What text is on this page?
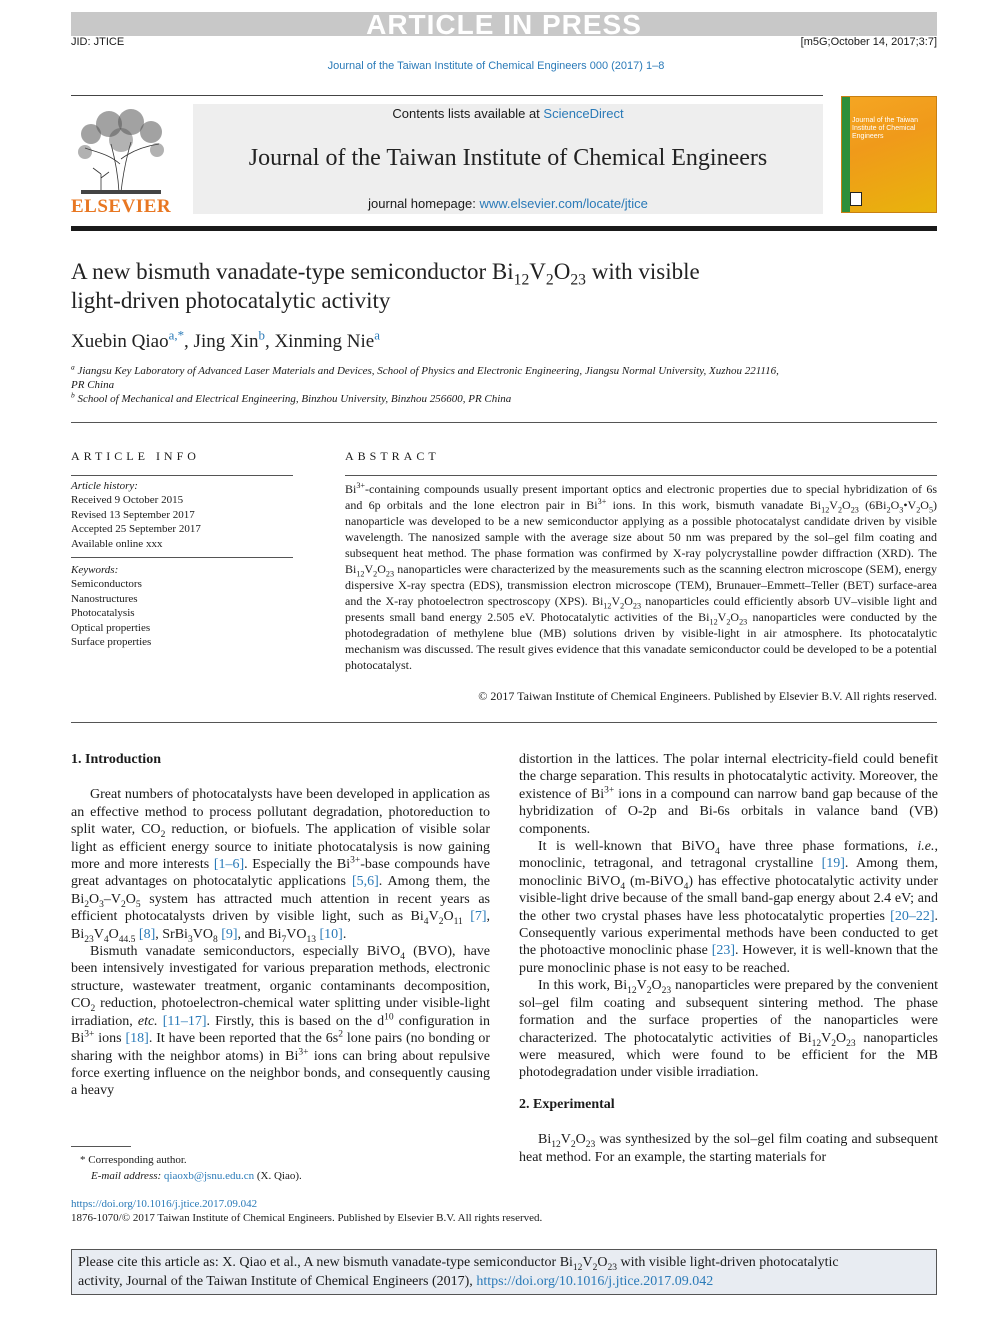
ARTICLE IN PRESS
JID: JTICE	[m5G;October 14, 2017;3:7]
Journal of the Taiwan Institute of Chemical Engineers 000 (2017) 1–8
ELSEVIER
Contents lists available at ScienceDirect
Journal of the Taiwan Institute of Chemical Engineers
journal homepage: www.elsevier.com/locate/jtice
Journal of the Taiwan Institute of Chemical Engineers
A new bismuth vanadate-type semiconductor $Bi_{12}V_2O_{23}$ with visible
light-driven photocatalytic activity
Xuebin Qiao$^{a,*}$, Jing Xin$^b$, Xinming Nie$^a$
$^a$ Jiangsu Key Laboratory of Advanced Laser Materials and Devices, School of Physics and Electronic Engineering, Jiangsu Normal University, Xuzhou 221116,
PR China
$^b$ School of Mechanical and Electrical Engineering, Binzhou University, Binzhou 256600, PR China
ARTICLE INFO
Article history:
Received 9 October 2015
Revised 13 September 2017
Accepted 25 September 2017
Available online xxx
Keywords:
Semiconductors
Nanostructures
Photocatalysis
Optical properties
Surface properties
ABSTRACT
$Bi^{3+}$-containing compounds usually present important optics and electronic properties due to special hybridization of 6s and 6p orbitals and the lone electron pair in $Bi^{3+}$ ions. In this work, bismuth vanadate $Bi_{12}V_2O_{23}$ $(6Bi_2O_3•V_2O_5)$ nanoparticle was developed to be a new semiconductor applying as a possible photocatalyst candidate driven by visible wavelength. The nanosized sample with the average size about 50 nm was prepared by the sol–gel film coating and subsequent heat method. The phase formation was confirmed by X-ray polycrystalline powder diffraction (XRD). The $Bi_{12}V_2O_{23}$ nanoparticles were characterized by the measurements such as the scanning electron microscope (SEM), energy dispersive X-ray spectra (EDS), transmission electron microscope (TEM), Brunauer–Emmett–Teller (BET) surface-area and the X-ray photoelectron spectroscopy (XPS). $Bi_{12}V_2O_{23}$ nanoparticles could efficiently absorb UV–visible light and presents small band energy 2.505 eV. Photocatalytic activities of the $Bi_{12}V_2O_{23}$ nanoparticles were conducted by the photodegradation of methylene blue (MB) solutions driven by visible-light in air atmosphere. Its photocatalytic mechanism was discussed. The result gives evidence that this vanadate semiconductor could be developed to be a potential photocatalyst.
© 2017 Taiwan Institute of Chemical Engineers. Published by Elsevier B.V. All rights reserved.

1. Introduction

Great numbers of photocatalysts have been developed in application as an effective method to process pollutant degradation, photoreduction to split water, $CO_2$ reduction, or biofuels. The application of visible solar light as efficient energy source to initiate photocatalysis is now gaining more and more interests [1–6]. Especially the $Bi^{3+}$-base compounds have great advantages on photocatalytic applications [5,6]. Among them, the $Bi_2O_3-V_2O_5$ system has attracted much attention in recent years as efficient photocatalysts driven by visible light, such as $Bi_4V_2O_{11}$ [7], $Bi_{23}V_4O_{44.5}$ [8], $SrBi_3VO_8$ [9], and $Bi_7VO_{13}$ [10].

Bismuth vanadate semiconductors, especially BiVO$_4$ (BVO), have been intensively investigated for various preparation methods, electronic structure, wastewater treatment, organic contaminants decomposition, $CO_2$ reduction, photoelectron-chemical water splitting under visible-light irradiation, etc. [11–17]. Firstly, this is based on the $d^{10}$ configuration in $Bi^{3+}$ ions [18]. It have been reported that the $6s^2$ lone pairs (no bonding or sharing with the neighbor atoms) in $Bi^{3+}$ ions can bring about repulsive force exerting influence on the neighbor bonds, and consequently causing a heavy

distortion in the lattices. The polar internal electricity-field could benefit the charge separation. This results in photocatalytic activity. Moreover, the existence of $Bi^{3+}$ ions in a compound can narrow band gap because of the hybridization of O-2p and Bi-6s orbitals in valance band (VB) components.

It is well-known that BiVO$_4$ have three phase formations, i.e., monoclinic, tetragonal, and tetragonal crystalline [19]. Among them, monoclinic BiVO$_4$ (m-BiVO$_4$) has effective photocatalytic activity under visible-light drive because of the small band-gap energy about 2.4 eV; and the other two crystal phases have less photocatalytic properties [20–22]. Consequently various experimental methods have been conducted to get the photoactive monoclinic phase [23]. However, it is well-known that the pure monoclinic phase is not easy to be reached.

In this work, $Bi_{12}V_2O_{23}$ nanoparticles were prepared by the convenient sol–gel film coating and subsequent sintering method. The phase formation and the surface properties of the nanoparticles were characterized. The photocatalytic activities of $Bi_{12}V_2O_{23}$ nanoparticles were measured, which were found to be efficient for the MB photodegradation under visible irradiation.

2. Experimental

$Bi_{12}V_2O_{23}$ was synthesized by the sol–gel film coating and subsequent heat method. For an example, the starting materials for

* Corresponding author.
E-mail address: qiaoxb@jsnu.edu.cn (X. Qiao).
https://doi.org/10.1016/j.jtice.2017.09.042
1876-1070/© 2017 Taiwan Institute of Chemical Engineers. Published by Elsevier B.V. All rights reserved.
Please cite this article as: X. Qiao et al., A new bismuth vanadate-type semiconductor $Bi_{12}V_2O_{23}$ with visible light-driven photocatalytic
activity, Journal of the Taiwan Institute of Chemical Engineers (2017), https://doi.org/10.1016/j.jtice.2017.09.042
